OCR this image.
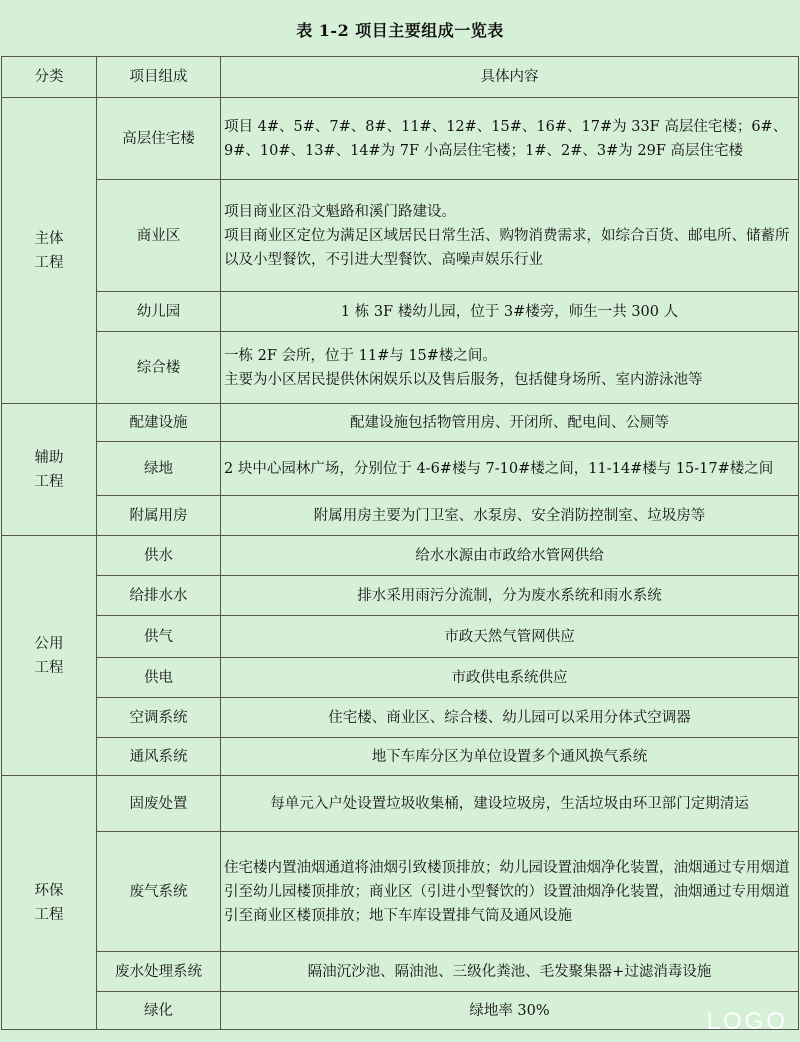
表 1-2 项目主要组成一览表
分类	项目组成	具体内容
主体
工程	高层住宅楼	项目 4#、5#、7#、8#、11#、12#、15#、16#、17#为 33F 高层住宅楼；6#、9#、10#、13#、14#为 7F 小高层住宅楼；1#、2#、3#为 29F 高层住宅楼
	商业区	项目商业区沿文魁路和溪门路建设。
项目商业区定位为满足区域居民日常生活、购物消费需求，如综合百货、邮电所、储蓄所以及小型餐饮，不引进大型餐饮、高噪声娱乐行业
	幼儿园	1 栋 3F 楼幼儿园，位于 3#楼旁，师生一共 300 人
	综合楼	一栋 2F 会所，位于 11#与 15#楼之间。
主要为小区居民提供休闲娱乐以及售后服务，包括健身场所、室内游泳池等
辅助
工程	配建设施	配建设施包括物管用房、开闭所、配电间、公厕等
	绿地	2 块中心园林广场，分别位于 4-6#楼与 7-10#楼之间，11-14#楼与 15-17#楼之间
	附属用房	附属用房主要为门卫室、水泵房、安全消防控制室、垃圾房等
公用
工程	供水	给水水源由市政给水管网供给
	给排水水	排水采用雨污分流制，分为废水系统和雨水系统
	供气	市政天然气管网供应
	供电	市政供电系统供应
	空调系统	住宅楼、商业区、综合楼、幼儿园可以采用分体式空调器
	通风系统	地下车库分区为单位设置多个通风换气系统
环保
工程	固废处置	每单元入户处设置垃圾收集桶，建设垃圾房，生活垃圾由环卫部门定期清运
	废气系统	住宅楼内置油烟通道将油烟引致楼顶排放；幼儿园设置油烟净化装置，油烟通过专用烟道引至幼儿园楼顶排放；商业区（引进小型餐饮的）设置油烟净化装置，油烟通过专用烟道引至商业区楼顶排放；地下车库设置排气筒及通风设施
	废水处理系统	隔油沉沙池、隔油池、三级化粪池、毛发聚集器+过滤消毒设施
	绿化	绿地率 30%	LOGO
